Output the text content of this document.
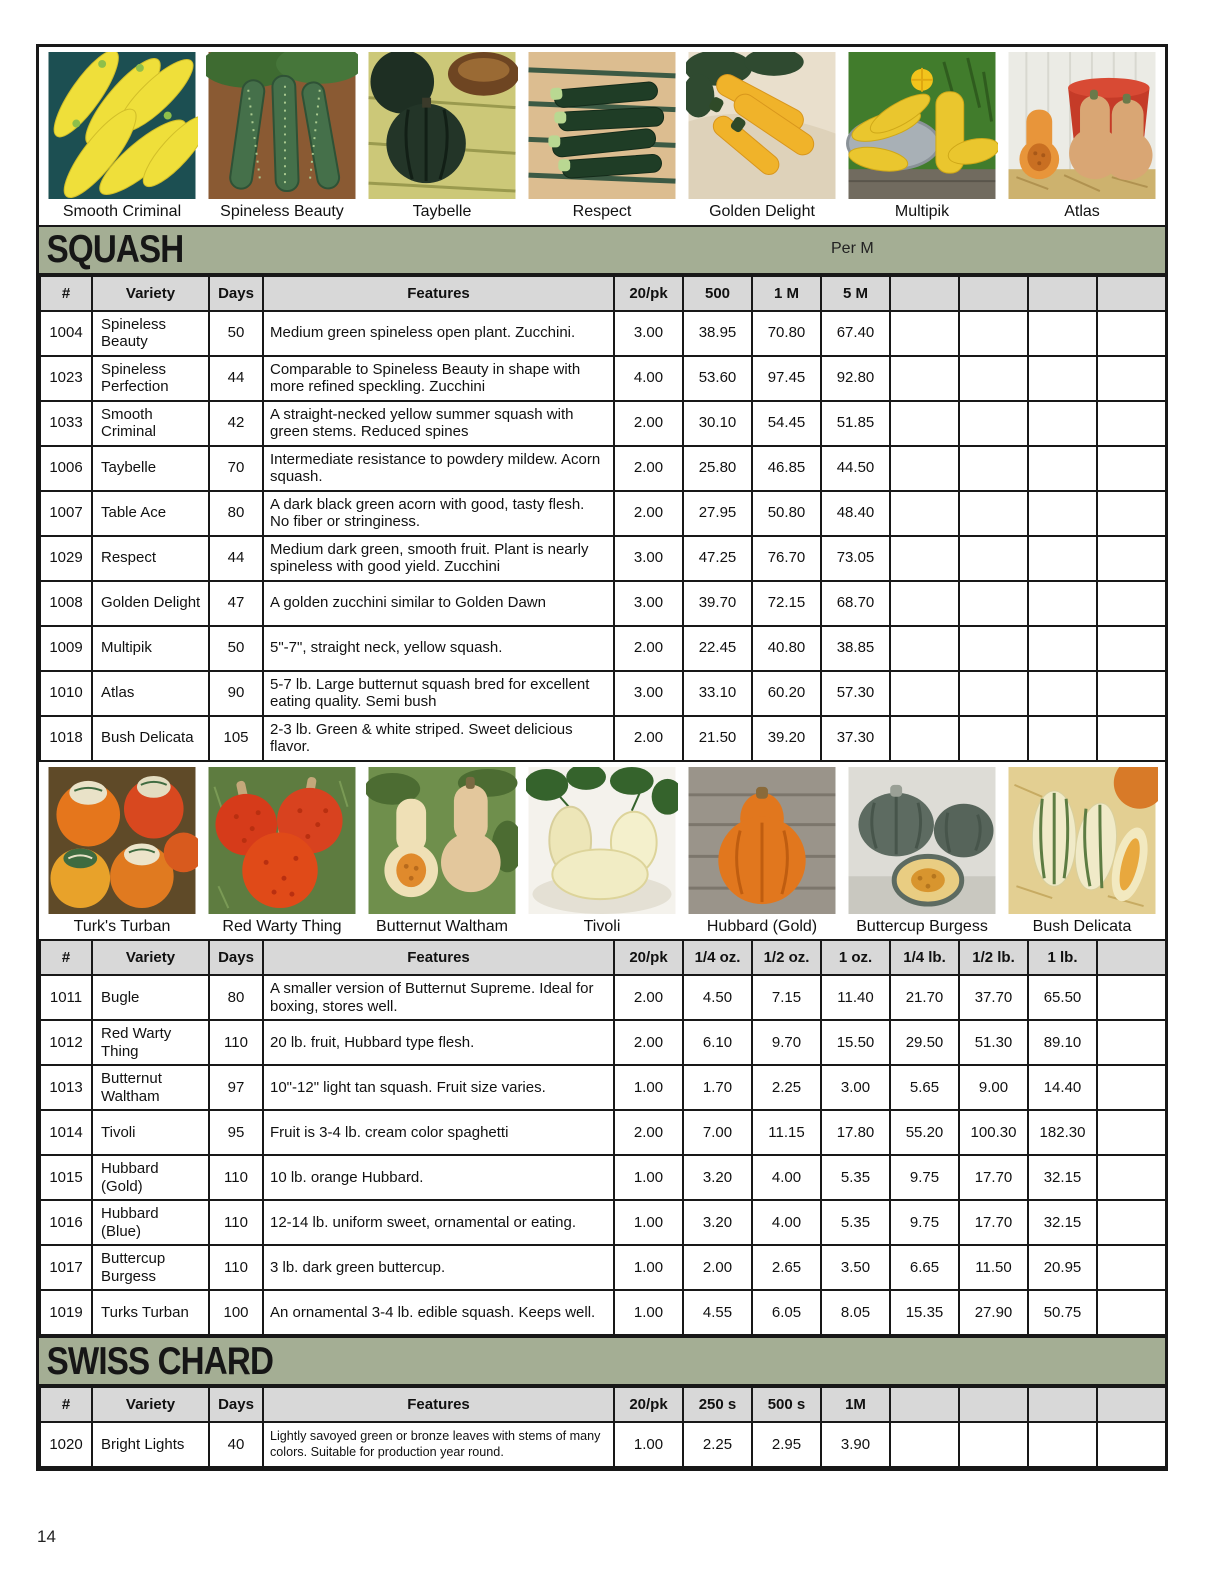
Smooth Criminal	Spineless Beauty	Taybelle	Respect	Golden Delight	Multipik	Atlas
SQUASH	Per M
#	Variety	Days	Features	20/pk	500	1 M	5 M				
1004	Spineless Beauty	50	Medium green spineless open plant. Zucchini.	3.00	38.95	70.80	67.40				
1023	Spineless Perfection	44	Comparable to Spineless Beauty in shape with more refined speckling. Zucchini	4.00	53.60	97.45	92.80				
1033	Smooth Criminal	42	A straight-necked yellow summer squash with green stems. Reduced spines	2.00	30.10	54.45	51.85				
1006	Taybelle	70	Intermediate resistance to powdery mildew. Acorn squash.	2.00	25.80	46.85	44.50				
1007	Table Ace	80	A dark black green acorn with good, tasty flesh. No fiber or stringiness.	2.00	27.95	50.80	48.40				
1029	Respect	44	Medium dark green, smooth fruit. Plant is nearly spineless with good yield. Zucchini	3.00	47.25	76.70	73.05				
1008	Golden Delight	47	A golden zucchini similar to Golden Dawn	3.00	39.70	72.15	68.70				
1009	Multipik	50	5"-7", straight neck, yellow squash.	2.00	22.45	40.80	38.85				
1010	Atlas	90	5-7 lb. Large butternut squash bred for excellent eating quality. Semi bush	3.00	33.10	60.20	57.30				
1018	Bush Delicata	105	2-3 lb. Green & white striped. Sweet delicious flavor.	2.00	21.50	39.20	37.30				
Turk's Turban	Red Warty Thing	Butternut Waltham	Tivoli	Hubbard (Gold)	Buttercup Burgess	Bush Delicata
#	Variety	Days	Features	20/pk	1/4 oz.	1/2 oz.	1 oz.	1/4 lb.	1/2 lb.	1 lb.	
1011	Bugle	80	A smaller version of Butternut Supreme. Ideal for boxing, stores well.	2.00	4.50	7.15	11.40	21.70	37.70	65.50	
1012	Red Warty Thing	110	20 lb. fruit, Hubbard type flesh.	2.00	6.10	9.70	15.50	29.50	51.30	89.10	
1013	Butternut Waltham	97	10"-12" light tan squash. Fruit size varies.	1.00	1.70	2.25	3.00	5.65	9.00	14.40	
1014	Tivoli	95	Fruit is 3-4 lb. cream color spaghetti	2.00	7.00	11.15	17.80	55.20	100.30	182.30	
1015	Hubbard (Gold)	110	10 lb. orange Hubbard.	1.00	3.20	4.00	5.35	9.75	17.70	32.15	
1016	Hubbard (Blue)	110	12-14 lb. uniform sweet, ornamental or eating.	1.00	3.20	4.00	5.35	9.75	17.70	32.15	
1017	Buttercup Burgess	110	3 lb. dark green buttercup.	1.00	2.00	2.65	3.50	6.65	11.50	20.95	
1019	Turks Turban	100	An ornamental 3-4 lb. edible squash. Keeps well.	1.00	4.55	6.05	8.05	15.35	27.90	50.75	
SWISS CHARD
#	Variety	Days	Features	20/pk	250 s	500 s	1M				
1020	Bright Lights	40	Lightly savoyed green or bronze leaves with stems of many colors. Suitable for production year round.	1.00	2.25	2.95	3.90				
14
